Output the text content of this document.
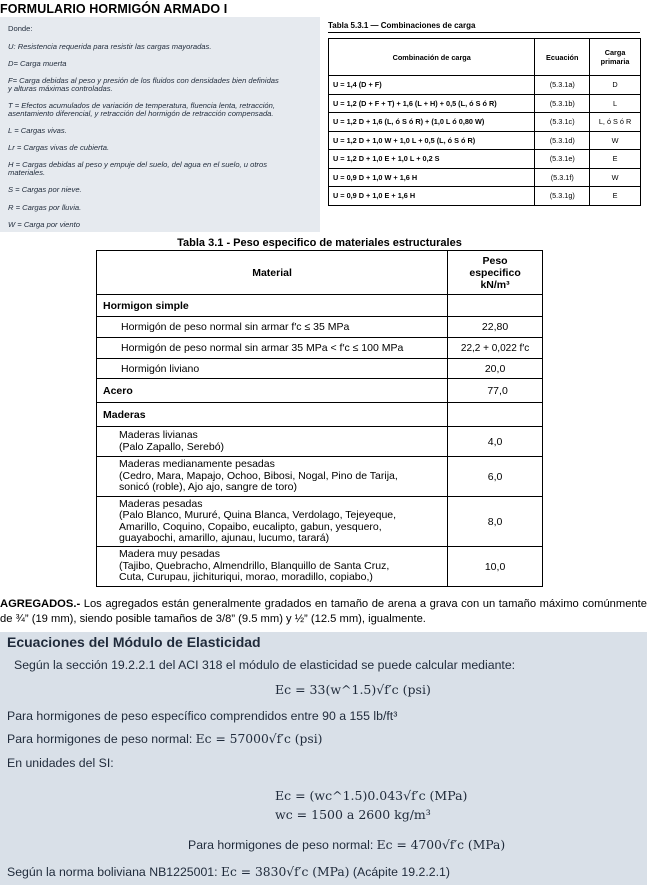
FORMULARIO HORMIGÓN ARMADO I
Donde:
U: Resistencia requerida para resistir las cargas mayoradas.
D= Carga muerta
F= Carga debidas al peso y presión de los fluidos con densidades bien definidas
y alturas máximas controladas.
T = Efectos acumulados de variación de temperatura, fluencia lenta, retracción,
asentamiento diferencial, y retracción del hormigón de retracción compensada.
L = Cargas vivas.
Lr = Cargas vivas de cubierta.
H = Cargas debidas al peso y empuje del suelo, del agua en el suelo, u otros
materiales.
S = Cargas por nieve.
R = Cargas por lluvia.
W = Carga por viento
Tabla 5.3.1 — Combinaciones de carga
Combinación de carga	Ecuación	Carga primaria
U = 1,4 (D + F)	(5.3.1a)	D
U = 1,2 (D + F + T) + 1,6 (L + H) + 0,5 (L, ó S ó R)	(5.3.1b)	L
U = 1,2 D + 1,6 (L, ó S ó R) + (1,0 L ó 0,80 W)	(5.3.1c)	L, ó S ó R
U = 1,2 D + 1,0 W + 1,0 L + 0,5 (L, ó S ó R)	(5.3.1d)	W
U = 1,2 D + 1,0 E + 1,0 L + 0,2 S	(5.3.1e)	E
U = 0,9 D + 1,0 W + 1,6 H	(5.3.1f)	W
U = 0,9 D + 1,0 E + 1,6 H	(5.3.1g)	E
Tabla 3.1 - Peso especifico de materiales estructurales
Material	Peso
especifico
kN/m³

Hormigon simple	
Hormigón de peso normal sin armar f′c ≤ 35 MPa	22,80
Hormigón de peso normal sin armar 35 MPa < f′c ≤ 100 MPa	22,2 + 0,022 f′c
Hormigón liviano	20,0
Acero	77,0
Maderas	

Maderas livianas
(Palo Zapallo, Serebó)	4,0

Maderas medianamente pesadas
(Cedro, Mara, Mapajo, Ochoo, Bibosi, Nogal, Pino de Tarija,
sonicó (roble), Ajo ajo, sangre de toro)	6,0

Maderas pesadas
(Palo Blanco, Mururé, Quina Blanca, Verdolago, Tejeyeque,
Amarillo, Coquino, Copaibo, eucalipto, gabun, yesquero,
guayabochi, amarillo, ajunau, lucumo, tarará)	8,0

Madera muy pesadas
(Tajibo, Quebracho, Almendrillo, Blanquillo de Santa Cruz,
Cuta, Curupau, jichituriqui, morao, moradillo, copiabo,)	10,0
AGREGADOS.- Los agregados están generalmente gradados en tamaño de arena a grava con un tamaño máximo comúnmente de ¾” (19 mm), siendo posible tamaños de 3/8” (9.5 mm) y ½” (12.5 mm), igualmente.
Ecuaciones del Módulo de Elasticidad
Según la sección 19.2.2.1 del ACI 318 el módulo de elasticidad se puede calcular mediante:
Ec = 33(w^1.5)√f′c (psi)
Para hormigones de peso específico comprendidos entre 90 a 155 lb/ft³
Para hormigones de peso normal: Ec = 57000√f′c (psi)
En unidades del SI:
Ec = (wc^1.5)0.043√f′c (MPa)
wc = 1500 a 2600 kg/m³
Para hormigones de peso normal: Ec = 4700√f′c (MPa)
Según la norma boliviana NB1225001: Ec = 3830√f′c (MPa) (Acápite 19.2.2.1)
